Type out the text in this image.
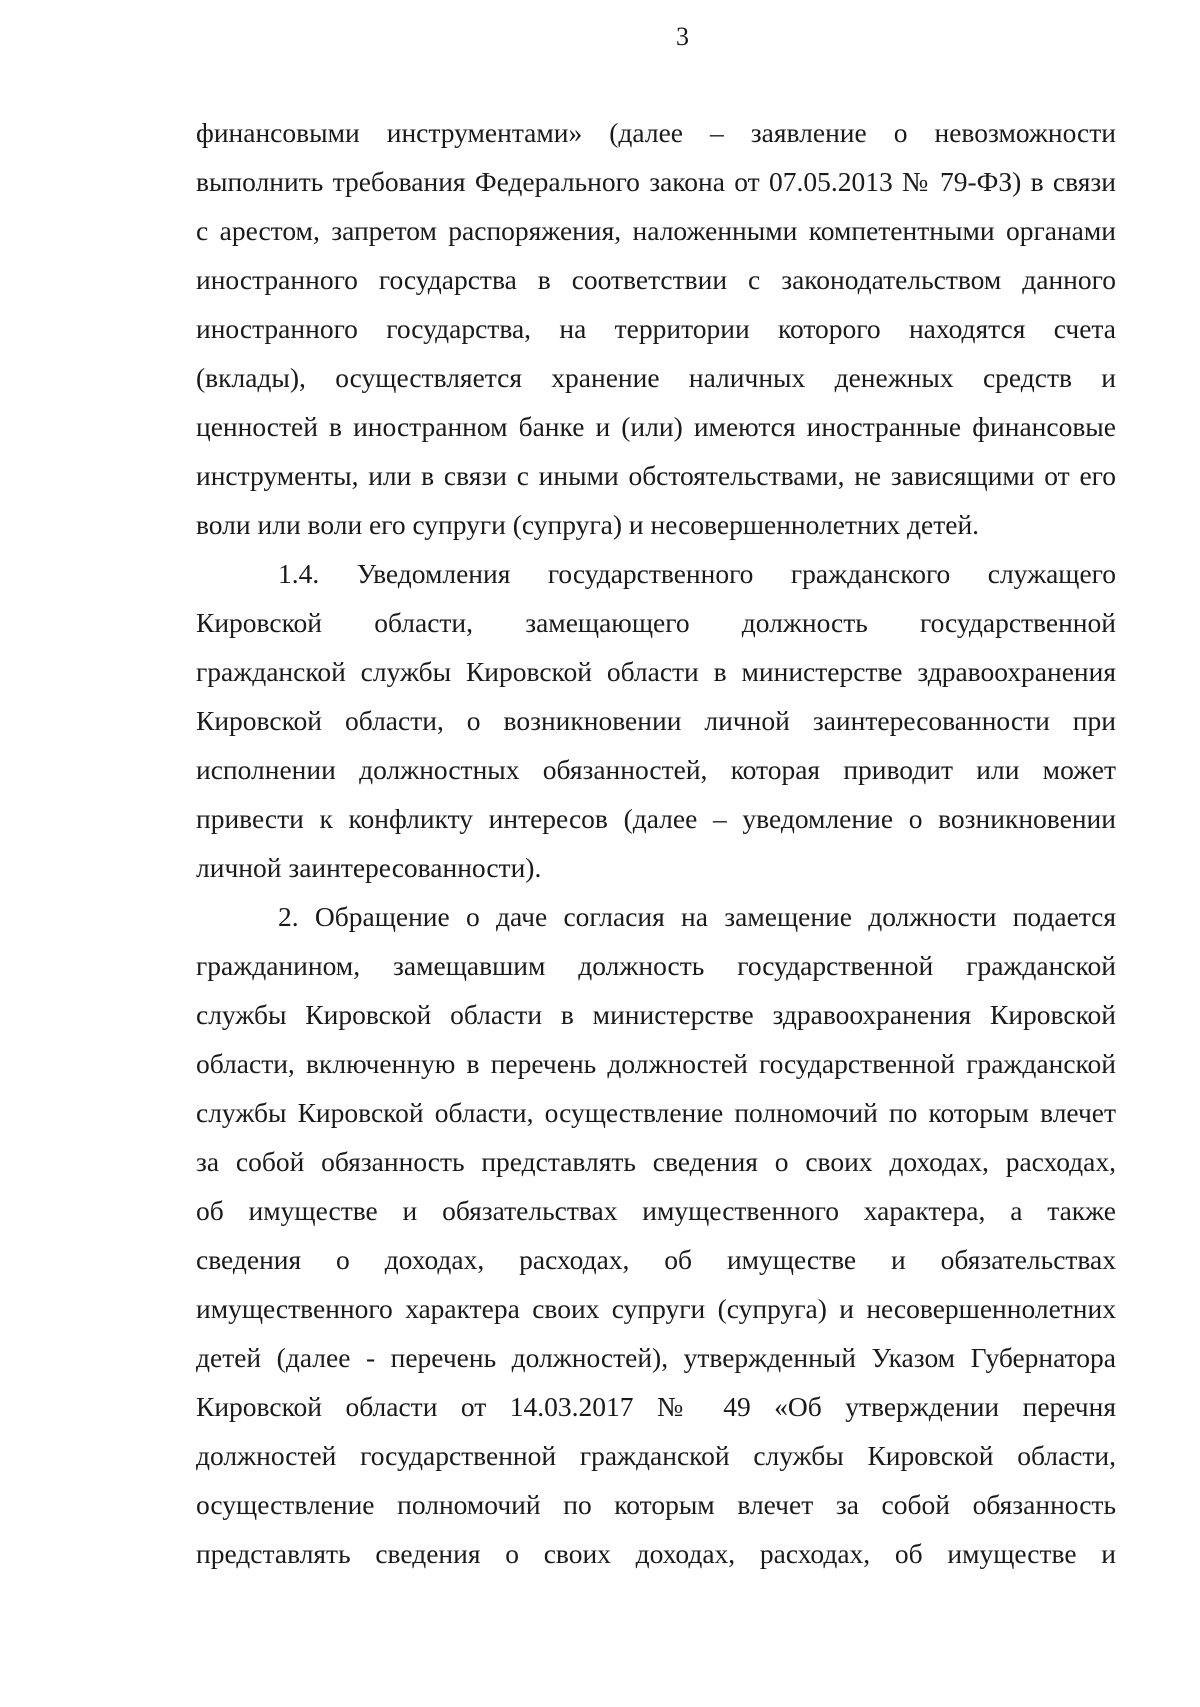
3
финансовыми инструментами» (далее – заявление о невозможности
выполнить требования Федерального закона от 07.05.2013 № 79-ФЗ) в связи
с арестом, запретом распоряжения, наложенными компетентными органами
иностранного государства в соответствии с законодательством данного
иностранного государства, на территории которого находятся счета
(вклады), осуществляется хранение наличных денежных средств и
ценностей в иностранном банке и (или) имеются иностранные финансовые
инструменты, или в связи с иными обстоятельствами, не зависящими от его
воли или воли его супруги (супруга) и несовершеннолетних детей.
1.4. Уведомления государственного гражданского служащего
Кировской области, замещающего должность государственной
гражданской службы Кировской области в министерстве здравоохранения
Кировской области, о возникновении личной заинтересованности при
исполнении должностных обязанностей, которая приводит или может
привести к конфликту интересов (далее – уведомление о возникновении
личной заинтересованности).
2. Обращение о даче согласия на замещение должности подается
гражданином, замещавшим должность государственной гражданской
службы Кировской области в министерстве здравоохранения Кировской
области, включенную в перечень должностей государственной гражданской
службы Кировской области, осуществление полномочий по которым влечет
за собой обязанность представлять сведения о своих доходах, расходах,
об имуществе и обязательствах имущественного характера, а также
сведения о доходах, расходах, об имуществе и обязательствах
имущественного характера своих супруги (супруга) и несовершеннолетних
детей (далее - перечень должностей), утвержденный Указом Губернатора
Кировской области от 14.03.2017 № 49 «Об утверждении перечня
должностей государственной гражданской службы Кировской области,
осуществление полномочий по которым влечет за собой обязанность
представлять сведения о своих доходах, расходах, об имуществе и
